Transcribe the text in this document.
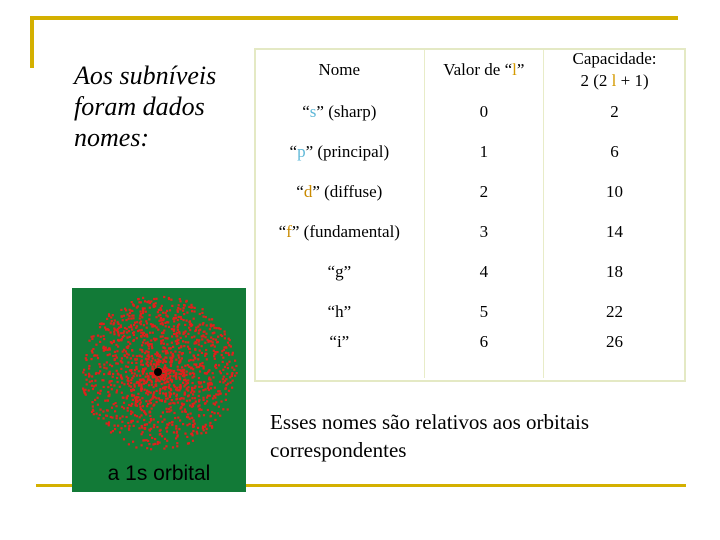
Aos subníveis foram dados nomes:
Nome	Valor de “l”	Capacidade:
2 (2 l + 1)

“s” (sharp)	0	2
“p” (principal)	1	6
“d” (diffuse)	2	10
“f” (fundamental)	3	14
“g”	4	18
“h”	5	22
“i”	6	26
a 1s orbital
Esses nomes são relativos aos orbitais correspondentes
